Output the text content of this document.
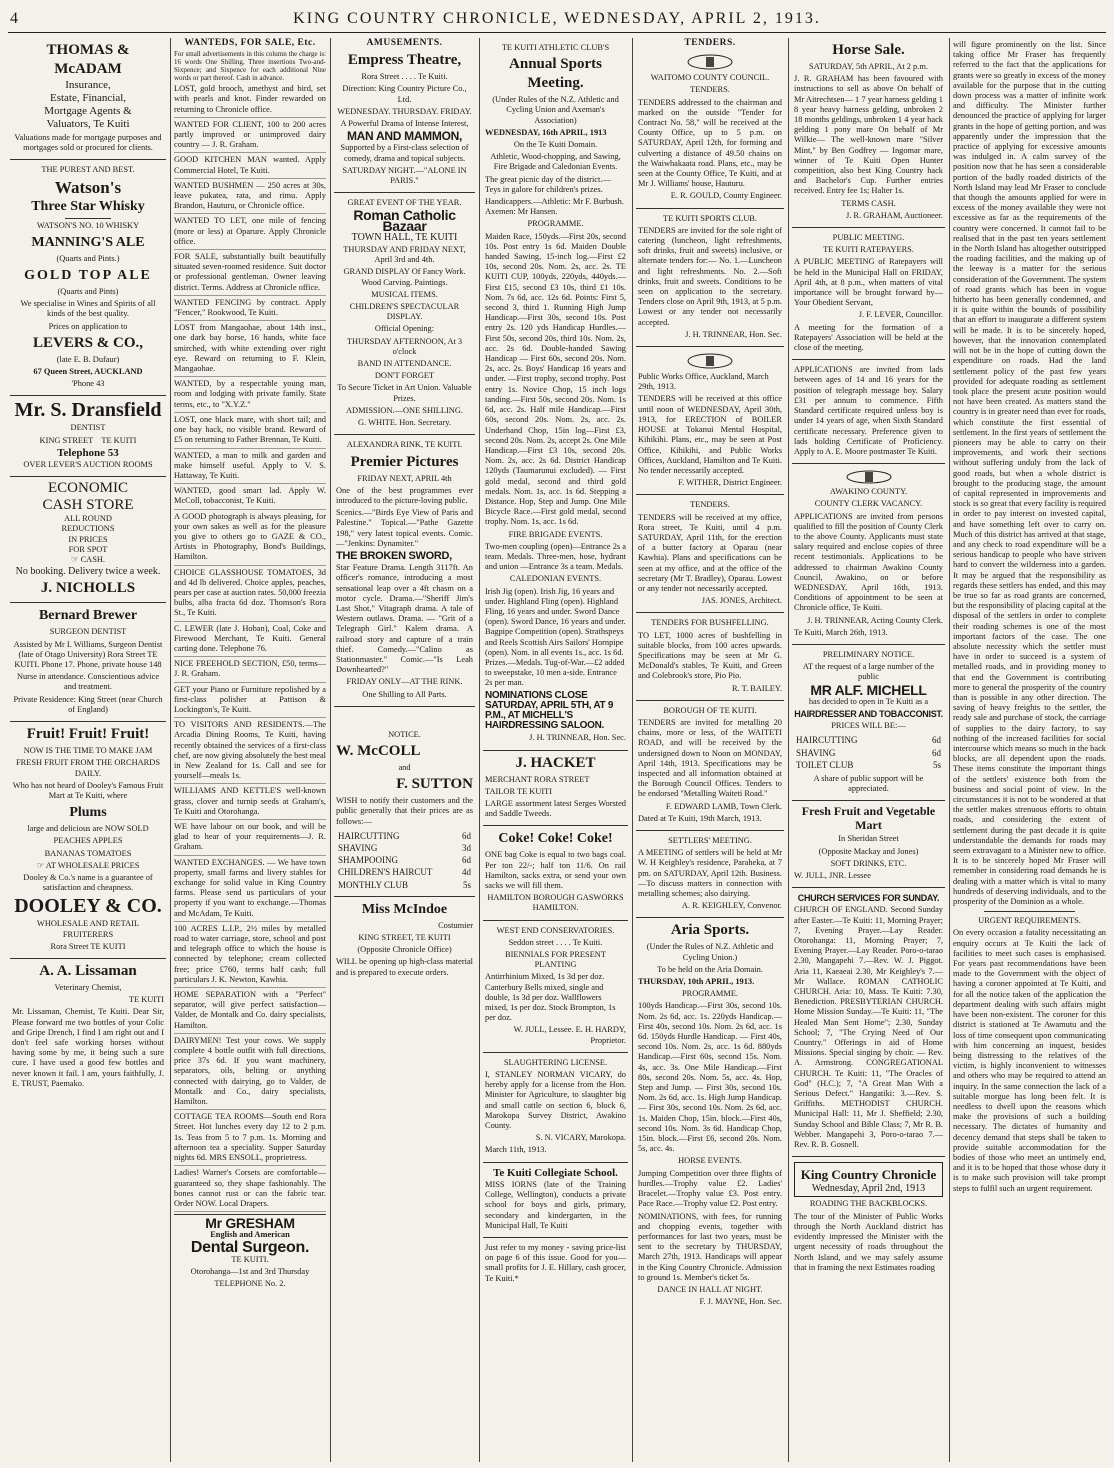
4	KING COUNTRY CHRONICLE, WEDNESDAY, APRIL 2, 1913.
THOMAS & McADAM
Insurance,
Estate, Financial,
Mortgage Agents &
Valuators, Te Kuiti

Valuations made for mortgage purposes and mortgages sold or procured for clients.

THE PUREST AND BEST.

Watson's
Three Star Whisky

WATSON'S NO. 10 WHISKY

MANNING'S ALE

(Quarts and Pints.)

GOLD TOP ALE

(Quarts and Pints)

We specialise in Wines and Spirits of all kinds of the best quality.

Prices on application to

LEVERS & CO.,

(late E. B. Dufaur)

67 Queen Street, AUCKLAND

'Phone 43

Mr. S. Dransfield

DENTIST

KING STREET TE KUITI

Telephone 53

OVER LEVER'S AUCTION ROOMS

ECONOMIC
CASH STORE
ALL ROUND
REDUCTIONS
IN PRICES
FOR SPOT
☞ CASH.

No booking. Delivery twice a week.

J. NICHOLLS
Bernard Brewer

SURGEON DENTIST

Assisted by Mr I. Williams, Surgeon Dentist (late of Otago University) Rora Street TE KUITI. Phone 17. Phone, private house 148

Nurse in attendance. Conscientious advice and treatment.

Private Residence: King Street (near Church of England)

Fruit! Fruit! Fruit!

NOW IS THE TIME TO MAKE JAM

FRESH FRUIT FROM THE ORCHARDS DAILY.

Who has not heard of Dooley's Famous Fruit Mart at Te Kuiti, where

Plums

large and delicious are NOW SOLD

PEACHES APPLES

BANANAS TOMATOES

☞ AT WHOLESALE PRICES

Dooley & Co.'s name is a guarantee of satisfaction and cheapness.

DOOLEY & CO.

WHOLESALE AND RETAIL FRUITERERS

Rora Street TE KUITI

A. A. Lissaman

Veterinary Chemist,

TE KUITI

Mr. Lissaman, Chemist, Te Kuiti. Dear Sir, Please forward me two bottles of your Colic and Gripe Drench, I find I am right out and I don't feel safe working horses without having some by me, it being such a sure cure. I have used a good few bottles and never known it fail. I am, yours faithfully, J. E. TRUST, Paemako.

WANTEDS, FOR SALE, Etc.

For small advertisements in this column the charge is: 16 words One Shilling, Three insertions Two-and-Sixpence; and Sixpence for each additional Nine words or part thereof. Cash in advance.

LOST, gold brooch, amethyst and bird, set with pearls and knot. Finder rewarded on returning to Chronicle office.

WANTED FOR CLIENT, 100 to 200 acres partly improved or unimproved dairy country — J. R. Graham.

GOOD KITCHEN MAN wanted. Apply Commercial Hotel, Te Kuiti.

WANTED BUSHMEN — 250 acres at 30s, leave pukatea, rata, and rimu. Apply Brandon, Hauturu, or Chronicle office.

WANTED TO LET, one mile of fencing (more or less) at Oparure. Apply Chronicle office.

FOR SALE, substantially built beautifully situated seven-roomed residence. Suit doctor or professional gentleman. Owner leaving district. Terms. Address at Chronicle office.

WANTED FENCING by contract. Apply "Fencer," Rookwood, Te Kuiti.

LOST from Mangaohae, about 14th inst., one dark bay horse, 16 hands, white face smirched, with white extending over right eye. Reward on returning to F. Klein, Mangaohae.

WANTED, by a respectable young man, room and lodging with private family. State terms, etc., to "X.Y.Z."

LOST, one black mare, with short tail; and one bay hack, no visible brand. Reward of £5 on returning to Father Brennan, Te Kuiti.

WANTED, a man to milk and garden and make himself useful. Apply to V. S. Hattaway, Te Kuiti.

WANTED, good smart lad. Apply W. McColl, tobacconist, Te Kuiti.

A GOOD photograph is always pleasing, for your own sakes as well as for the pleasure you give to others go to GAZE & CO., Artists in Photography, Bond's Buildings, Hamilton.

CHOICE GLASSHOUSE TOMATOES, 3d and 4d lb delivered. Choice apples, peaches, pears per case at auction rates. 50,000 freezia bulbs, alba fracta 6d doz. Thomson's Rora St., Te Kuiti.

C. LEWER (late J. Hoban), Coal, Coke and Firewood Merchant, Te Kuiti. General carting done. Telephone 76.

NICE FREEHOLD SECTION, £50, terms—J. R. Graham.

GET your Piano or Furniture repolished by a first-class polisher at Pattison & Lockington's, Te Kuiti.

TO VISITORS AND RESIDENTS.—The Arcadia Dining Rooms, Te Kuiti, having recently obtained the services of a first-class chef, are now giving absolutely the best meal in New Zealand for 1s. Call and see for yourself—meals 1s.

WILLIAMS AND KETTLE'S well-known grass, clover and turnip seeds at Graham's, Te Kuiti and Otorohanga.

WE have labour on our book, and will be glad to hear of your requirements—J. R. Graham.

WANTED EXCHANGES. — We have town property, small farms and livery stables for exchange for solid value in King Country farms. Please send us particulars of your property if you want to exchange.—Thomas and McAdam, Te Kuiti.

100 ACRES L.I.P., 2½ miles by metalled road to water carriage, store, school and post and telegraph office to which the house is connected by telephone; cream collected free; price £760, terms half cash; full particulars J. K. Newton, Kawhia.

HOME SEPARATION with a "Perfect" separator, will give perfect satisfaction—Valder, de Montalk and Co. dairy specialists, Hamilton.

DAIRYMEN! Test your cows. We supply complete 4 bottle outfit with full directions, price 37s 6d. If you want machinery, separators, oils, belting or anything connected with dairying, go to Valder, de Montalk and Co., dairy specialists, Hamilton.

COTTAGE TEA ROOMS—South end Rora Street. Hot lunches every day 12 to 2 p.m. 1s. Teas from 5 to 7 p.m. 1s. Morning and afternoon tea a speciality. Supper Saturday nights 6d. MRS ENSOLL, proprietress.

Ladies! Warner's Corsets are comfortable—guaranteed so, they shape fashionably. The bones cannot rust or can the fabric tear. Order NOW. Local Drapers.

Mr GRESHAM

English and American

Dental Surgeon.

TE KUITI.

Otorohanga—1st and 3rd Thursday

TELEPHONE No. 2.

AMUSEMENTS.
Empress Theatre,

Rora Street . . . . Te Kuiti.

Direction: King Country Picture Co., Ltd.

WEDNESDAY. THURSDAY. FRIDAY.

A Powerful Drama of Intense Interest,

MAN AND MAMMON,

Supported by a First-class selection of comedy, drama and topical subjects.

SATURDAY NIGHT.—"ALONE IN PARIS."

GREAT EVENT OF THE YEAR.

Roman Catholic Bazaar

TOWN HALL, TE KUITI

THURSDAY AND FRIDAY NEXT, April 3rd and 4th.

GRAND DISPLAY Of Fancy Work. Wood Carving. Paintings.

MUSICAL ITEMS.

CHILDREN'S SPECTACULAR DISPLAY.

Official Opening:

THURSDAY AFTERNOON, At 3 o'clock

BAND IN ATTENDANCE.

DON'T FORGET

To Secure Ticket in Art Union. Valuable Prizes.

ADMISSION.—ONE SHILLING.

G. WHITE. Hon. Secretary.

ALEXANDRA RINK, TE KUITI.

Premier Pictures

FRIDAY NEXT, APRIL 4th

One of the best programmes ever introduced to the picture-loving public.

Scenics.—"Birds Eye View of Paris and Palestine." Topical.—"Pathe Gazette 198," very latest topical events. Comic.—"Jenkins: Dynamiter."

THE BROKEN SWORD,

Star Feature Drama. Length 3117ft. An officer's romance, introducing a most sensational leap over a 4ft chasm on a motor cycle. Drama.—"Sheriff Jim's Last Shot," Vitagraph drama. A tale of Western outlaws. Drama. — "Grit of a Telegraph Girl." Kalem drama. A railroad story and capture of a train thief. Comedy.—"Calino as Stationmaster." Comic.—"Is Leah Downhearted?"

FRIDAY ONLY—AT THE RINK.

One Shilling to All Parts.

NOTICE.

W. McCOLL

and

F. SUTTON

WISH to notify their customers and the public generally that their prices are as follows:—

HAIRCUTTING	6d
SHAVING	3d
SHAMPOOING	6d
CHILDREN'S HAIRCUT	4d
MONTHLY CLUB	5s
Miss McIndoe

Costumier

KING STREET, TE KUITI

(Opposite Chronicle Office)

WILL be opening up high-class material and is prepared to execute orders.

TE KUITI ATHLETIC CLUB'S

Annual Sports Meeting.

(Under Rules of the N.Z. Athletic and Cycling Union and Axeman's Association)

WEDNESDAY, 16th APRIL, 1913

On the Te Kuiti Domain.

Athletic, Wood-chopping, and Sawing, Fire Brigade and Caledonian Events.

The great picnic day of the district.—Teys in galore for children's prizes.

Handicappers.—Athletic: Mr F. Burbush. Axemen: Mr Hansen.

PROGRAMME.

Maiden Race, 150yds.—First 20s, second 10s. Post entry 1s 6d. Maiden Double handed Sawing, 15-inch log.—First £2 10s, second 20s. Nom. 2s, acc. 2s. TE KUITI CUP, 100yds, 220yds, 440yds.—First £15, second £3 10s, third £1 10s. Nom. 7s 6d, acc. 12s 6d. Points: First 5, second 3, third 1. Running High Jump Handicap.—First 30s, second 10s. Post entry 2s. 120 yds Handicap Hurdles.—First 50s, second 20s, third 10s. Nom. 2s, acc. 2s 6d. Double-handed Sawing Handicap — First 60s, second 20s. Nom. 2s, acc. 2s. Boys' Handicap 16 years and under. —First trophy, second trophy. Post entry 1s. Novice Chop, 15 inch logs tanding.—First 50s, second 20s. Nom. 1s 6d, acc. 2s. Half mile Handicap.—First 60s, second 20s. Nom. 2s, acc. 2s. Underhand Chop, 15in log—First £3, second 20s. Nom. 2s, accept 2s. One Mile Handicap.—First £3 10s, second 20s. Nom. 2s, acc. 2s 6d. District Handicap 120yds (Taumarunui excluded). — First gold medal, second and third gold medals. Nom. 1s, acc. 1s 6d. Stepping a Distance. Hop, Step and Jump. One Mile Bicycle Race.—First gold medal, second trophy. Nom. 1s, acc. 1s 6d.

FIRE BRIGADE EVENTS.

Two-men coupling (open)—Entrance 2s a team. Medals. Three-men, hose, hydrant and union —Entrance 3s a team. Medals.

CALEDONIAN EVENTS.

Irish Jig (open). Irish Jig, 16 years and under. Highland Fling (open). Highland Fling, 16 years and under. Sword Dance (open). Sword Dance, 16 years and under. Bagpipe Competition (open). Strathspeys and Reels Scottish Airs Sailors' Hornpipe (open). Nom. in all events 1s., acc. 1s 6d. Prizes.—Medals. Tug-of-War.—£2 added to sweepstake, 10 men a-side. Entrance 2s per man.

NOMINATIONS CLOSE SATURDAY, APRIL 5TH, AT 9 P.M., AT MICHELL'S HAIRDRESSING SALOON.

J. H. TRINNEAR, Hon. Sec.

J. HACKET

MERCHANT RORA STREET

TAILOR TE KUITI

LARGE assortment latest Serges Worsted and Saddle Tweeds.

Coke! Coke! Coke!

ONE bag Coke is equal to two bags coal. Per ton 22/-; half ton 11/6. On rail Hamilton, sacks extra, or send your own sacks we will fill them.

HAMILTON BOROUGH GASWORKS HAMILTON.

WEST END CONSERVATORIES.

Seddon street . . . . Te Kuiti.

BIENNIALS FOR PRESENT PLANTING

Antirrhinium Mixed, 1s 3d per doz. Canterbury Bells mixed, single and double, 1s 3d per doz. Wallflowers mixed, 1s per doz. Stock Brompton, 1s per doz.

W. JULL, Lessee. E. H. HARDY, Proprietor.

SLAUGHTERING LICENSE.

I, STANLEY NORMAN VICARY, do hereby apply for a license from the Hon. Minister for Agriculture, to slaughter big and small cattle on section 6, block 6, Marokopa Survey District, Awakino County.

S. N. VICARY, Marokopa.

March 11th, 1913.

Te Kuiti Collegiate School.

MISS IORNS (late of the Training College, Wellington), conducts a private school for boys and girls, primary, secondary and kindergarten, in the Municipal Hall, Te Kuiti

Just refer to my money - saving price-list on page 6 of this issue. Good for you—small profits for J. E. Hillary, cash grocer, Te Kuiti.*

TENDERS.

WAITOMO COUNTY COUNCIL.

TENDERS.

TENDERS addressed to the chairman and marked on the outside "Tender for Contract No. 58," will be received at the County Office, up to 5 p.m. on SATURDAY, April 12th, for forming and culverting a distance of 49.50 chains on the Waiwhakaata road. Plans, etc., may be seen at the County Office, Te Kuiti, and at Mr J. Williams' house, Hauturu.

E. R. GOULD, County Engineer.

TE KUITI SPORTS CLUB.

TENDERS are invited for the sole right of catering (luncheon, light refreshments, soft drinks, fruit and sweets) inclusive, or alternate tenders for:— No. 1.—Luncheon and light refreshments. No. 2.—Soft drinks, fruit and sweets. Conditions to be seen on application to the secretary. Tenders close on April 9th, 1913, at 5 p.m. Lowest or any tender not necessarily accepted.

J. H. TRINNEAR, Hon. Sec.

Public Works Office, Auckland, March 29th, 1913.

TENDERS will be received at this office until noon of WEDNESDAY, April 30th, 1913, for ERECTION of BOILER HOUSE at Tokanui Mental Hospital, Kihikihi. Plans, etc., may be seen at Post Office, Kihikihi, and Public Works Offices, Auckland, Hamilton and Te Kuiti. No tender necessarily accepted.

F. WITHER, District Engineer.

TENDERS.

TENDERS will be received at my office, Rora street, Te Kuiti, until 4 p.m. SATURDAY, April 11th, for the erection of a butter factory at Oparau (near Kawhia). Plans and specifications can be seen at my office, and at the office of the secretary (Mr T. Bradley), Oparau. Lowest or any tender not necessarily accepted.

JAS. JONES, Architect.

TENDERS FOR BUSHFELLING.

TO LET, 1000 acres of bushfelling in suitable blocks, from 100 acres upwards. Specifications may be seen at Mr G. McDonald's stables, Te Kuiti, and Green and Colebrook's store, Pio Pio.

R. T. BAILEY.

BOROUGH OF TE KUITI.

TENDERS are invited for metalling 20 chains, more or less, of the WAITETI ROAD, and will be received by the undersigned down to Noon on MONDAY, April 14th, 1913. Specifications may be inspected and all information obtained at the Borough Council Offices. Tenders to be endorsed "Metalling Waiteti Road."

F. EDWARD LAMB, Town Clerk.

Dated at Te Kuiti, 19th March, 1913.

SETTLERS' MEETING.

A MEETING of settlers will be held at Mr W. H Keighley's residence, Paraheka, at 7 pm. on SATURDAY, April 12th. Business.—To discuss matters in connection with metalling schemes; also dairying.

A. R. KEIGHLEY, Convenor.

Aria Sports.

(Under the Rules of N.Z. Athletic and Cycling Union.)

To be held on the Aria Domain.

THURSDAY, 10th APRIL, 1913.

PROGRAMME.

100yds Handicap.—First 30s, second 10s. Nom. 2s 6d, acc. 1s. 220yds Handicap.—First 40s, second 10s. Nom. 2s 6d, acc. 1s 6d. 150yds Hurdle Handicap. — First 40s, second 10s. Nom. 2s, acc. 1s 6d. 880yds Handicap.—First 60s, second 15s. Nom. 4s, acc. 3s. One Mile Handicap.—First 80s, second 20s. Nom. 5s, acc. 4s. Hop, Step and Jump. — First 30s, second 10s. Nom. 2s 6d, acc. 1s. High Jump Handicap. — First 30s, second 10s. Nom. 2s 6d, acc. 1s. Maiden Chop, 15in. block.—First 40s, second 10s. Nom. 3s 6d. Handicap Chop, 15in. block.—First £6, second 20s. Nom. 5s, acc. 4s.

HORSE EVENTS.

Jumping Competition over three flights of hurdles.—Trophy value £2. Ladies' Bracelet.—Trophy value £3. Post entry. Pace Race.—Trophy value £2. Post entry.

NOMINATIONS, with fees, for running and chopping events, together with performances for last two years, must be sent to the secretary by THURSDAY, March 27th, 1913. Handicaps will appear in the King Country Chronicle. Admission to ground 1s. Member's ticket 5s.

DANCE IN HALL AT NIGHT.

F. J. MAYNE, Hon. Sec.

Horse Sale.

SATURDAY, 5th APRIL, At 2 p.m.

J. R. GRAHAM has been favoured with instructions to sell as above On behalf of Mr Aitrechtsen— 1 7 year harness gelding 1 8 year heavy harness gelding, unbroken 2 18 months geldings, unbroken 1 4 year hack gelding 1 pony mare On behalf of Mr Wilkie— The well-known mare "Silver Mint," by Ben Godfrey — Ingomar mare, winner of Te Kuiti Open Hunter competition, also best King Country hack and Bachelor's Cup. Further entries received. Entry fee 1s; Halter 1s.

TERMS CASH.

J. R. GRAHAM, Auctioneer.

PUBLIC MEETING.

TE KUITI RATEPAYERS.

A PUBLIC MEETING of Ratepayers will be held in the Municipal Hall on FRIDAY, April 4th, at 8 p.m., when matters of vital importance will be brought forward by— Your Obedient Servant,

J. F. LEVER, Councillor.

A meeting for the formation of a Ratepayers' Association will be held at the close of the meeting.

APPLICATIONS are invited from lads between ages of 14 and 16 years for the position of telegraph message boy. Salary £31 per annum to commence. Fifth Standard certificate required unless boy is under 14 years of age, when Sixth Standard certificate necessary. Preference given to lads holding Certificate of Proficiency. Apply to A. E. Moore postmaster Te Kuiti.

AWAKINO COUNTY.

COUNTY CLERK VACANCY.

APPLICATIONS are invited from persons qualified to fill the position of County Clerk to the above County. Applicants must state salary required and enclose copies of three recent testimonials. Applications to be addressed to chairman Awakino County Council, Awakino, on or before WEDNESDAY, April 16th, 1913. Conditions of appointment to be seen at Chronicle office, Te Kuiti.

J. H. TRINNEAR, Acting County Clerk.

Te Kuiti, March 26th, 1913.

PRELIMINARY NOTICE.

AT the request of a large number of the public

MR ALF. MICHELL

has decided to open in Te Kuiti as a

HAIRDRESSER AND TOBACCONIST.

PRICES WILL BE:—

HAIRCUTTING	6d
SHAVING	6d
TOILET CLUB	5s

A share of public support will be appreciated.

Fresh Fruit and Vegetable Mart

In Sheridan Street

(Opposite Mackay and Jones)

SOFT DRINKS, ETC.

W. JULL, JNR. Lessee

CHURCH SERVICES FOR SUNDAY.

CHURCH OF ENGLAND. Second Sunday after Easter.—Te Kuiti: 11, Morning Prayer; 7, Evening Prayer.—Lay Reader. Otorohanga: 11, Morning Prayer; 7, Evening Prayer.—Lay Reader. Poro-o-tarao 2.30, Mangapehi 7.—Rev. W. J. Piggot. Aria 11, Kaeaeai 2.30, Mr Keighley's 7.—Mr Wallace. ROMAN CATHOLIC CHURCH. Aria: 10, Mass. Te Kuiti: 7.30, Benediction. PRESBYTERIAN CHURCH. Home Mission Sunday.—Te Kuiti: 11, "The Healed Man Sent Home"; 2.30, Sunday School; 7, "The Crying Need of Our Country." Offerings in aid of Home Missions. Special singing by choir. — Rev. A. Armstrong. CONGREGATIONAL CHURCH. Te Kuiti: 11, "The Oracles of God" (H.C.); 7, "A Great Man With a Serious Defect." Hangatiki: 3.—Rev. S. Griffiths. METHODIST CHURCH. Municipal Hall: 11, Mr J. Sheffield; 2.30, Sunday School and Bible Class; 7, Mr R. B. Webber. Mangapehi 3, Poro-o-tarao 7.—Rev. R. B. Gosnell.

King Country Chronicle
Wednesday, April 2nd, 1913

ROADING THE BACKBLOCKS.

The tour of the Minister of Public Works through the North Auckland district has evidently impressed the Minister with the urgent necessity of roads throughout the North Island, and we may safely assume that in framing the next Estimates roading

will figure prominently on the list. Since taking office Mr Fraser has frequently referred to the fact that the applications for grants were so greatly in excess of the money available for the purpose that in the cutting down process was a matter of infinite work and difficulty. The Minister further denounced the practice of applying for larger grants in the hope of getting portion, and was apparently under the impression that the practice of applying for excessive amounts was indulged in. A calm survey of the position now that he has seen a considerable portion of the badly roaded districts of the North Island may lead Mr Fraser to conclude that though the amounts applied for were in excess of the money available they were not excessive as far as the requirements of the country were concerned. It cannot fail to be realised that in the past ten years settlement in the North Island has altogether outstripped the roading facilities, and the making up of the leeway is a matter for the serious consideration of the Government. The system of road grants which has been in vogue hitherto has been generally condemned, and it is quite within the bounds of possibility that an effort to inaugurate a different system will be made. It is to be sincerely hoped, however, that the innovation contemplated will not be in the hope of cutting down the expenditure on roads. Had the land settlement policy of the past few years provided for adequate roading as settlement took place the present acute position would not have been created. As matters stand the country is in greater need than ever for roads, which constitute the first essential of settlement. In the first years of settlement the pioneers may be able to carry on their improvements, and work their sections without suffering unduly from the lack of good roads, but when a whole district is brought to the producing stage, the amount of capital represented in improvements and stock is so great that every facility is required in order to pay interest on invested capital, and have something left over to carry on. Much of this district has arrived at that stage, and any check to road expenditure will be a serious handicap to people who have striven hard to convert the wilderness into a garden. It may be argued that the responsibility as regards these settlers has ended, and this may be true so far as road grants are concerned, but the responsibility of placing capital at the disposal of the settlers in order to complete their roading schemes is one of the most important factors of the case. The one absolute necessity which the settler must have in order to succeed is a system of metalled roads, and in providing money to that end the Government is contributing more to general the prosperity of the country than is possible in any other direction. The saving of heavy freights to the settler, the ready sale and purchase of stock, the carriage of supplies to the dairy factory, to say nothing of the increased facilities for social intercourse which means so much in the back blocks, are all dependent upon the roads. These items constitute the important things of the settlers' existence both from the business and social point of view. In the circumstances it is not to be wondered at that the settler makes strenuous efforts to obtain roads, and considering the extent of settlement during the past decade it is quite understandable the demands for roads may seem extravagant to a Minister new to office. It is to be sincerely hoped Mr Fraser will remember in considering road demands he is dealing with a matter which is vital to many hundreds of deserving individuals, and to the prosperity of the Dominion as a whole.

URGENT REQUIREMENTS.

On every occasion a fatality necessitating an enquiry occurs at Te Kuiti the lack of facilities to meet such cases is emphasised. For years past recommendations have been made to the Government with the object of having a coroner appointed at Te Kuiti, and for all the notice taken of the application the department dealing with such affairs might have been non-existent. The coroner for this district is stationed at Te Awamutu and the loss of time consequent upon communicating with him concerning an inquest, besides being distressing to the relatives of the victim, is highly inconvenient to witnesses and others who may be required to attend an inquiry. In the same connection the lack of a suitable morgue has long been felt. It is needless to dwell upon the reasons which make the provisions of such a building necessary. The dictates of humanity and decency demand that steps shall be taken to provide suitable accommodation for the bodies of those who meet an untimely end, and it is to be hoped that those whose duty it is to make such provision will take prompt steps to fulfil such an urgent requirement.
